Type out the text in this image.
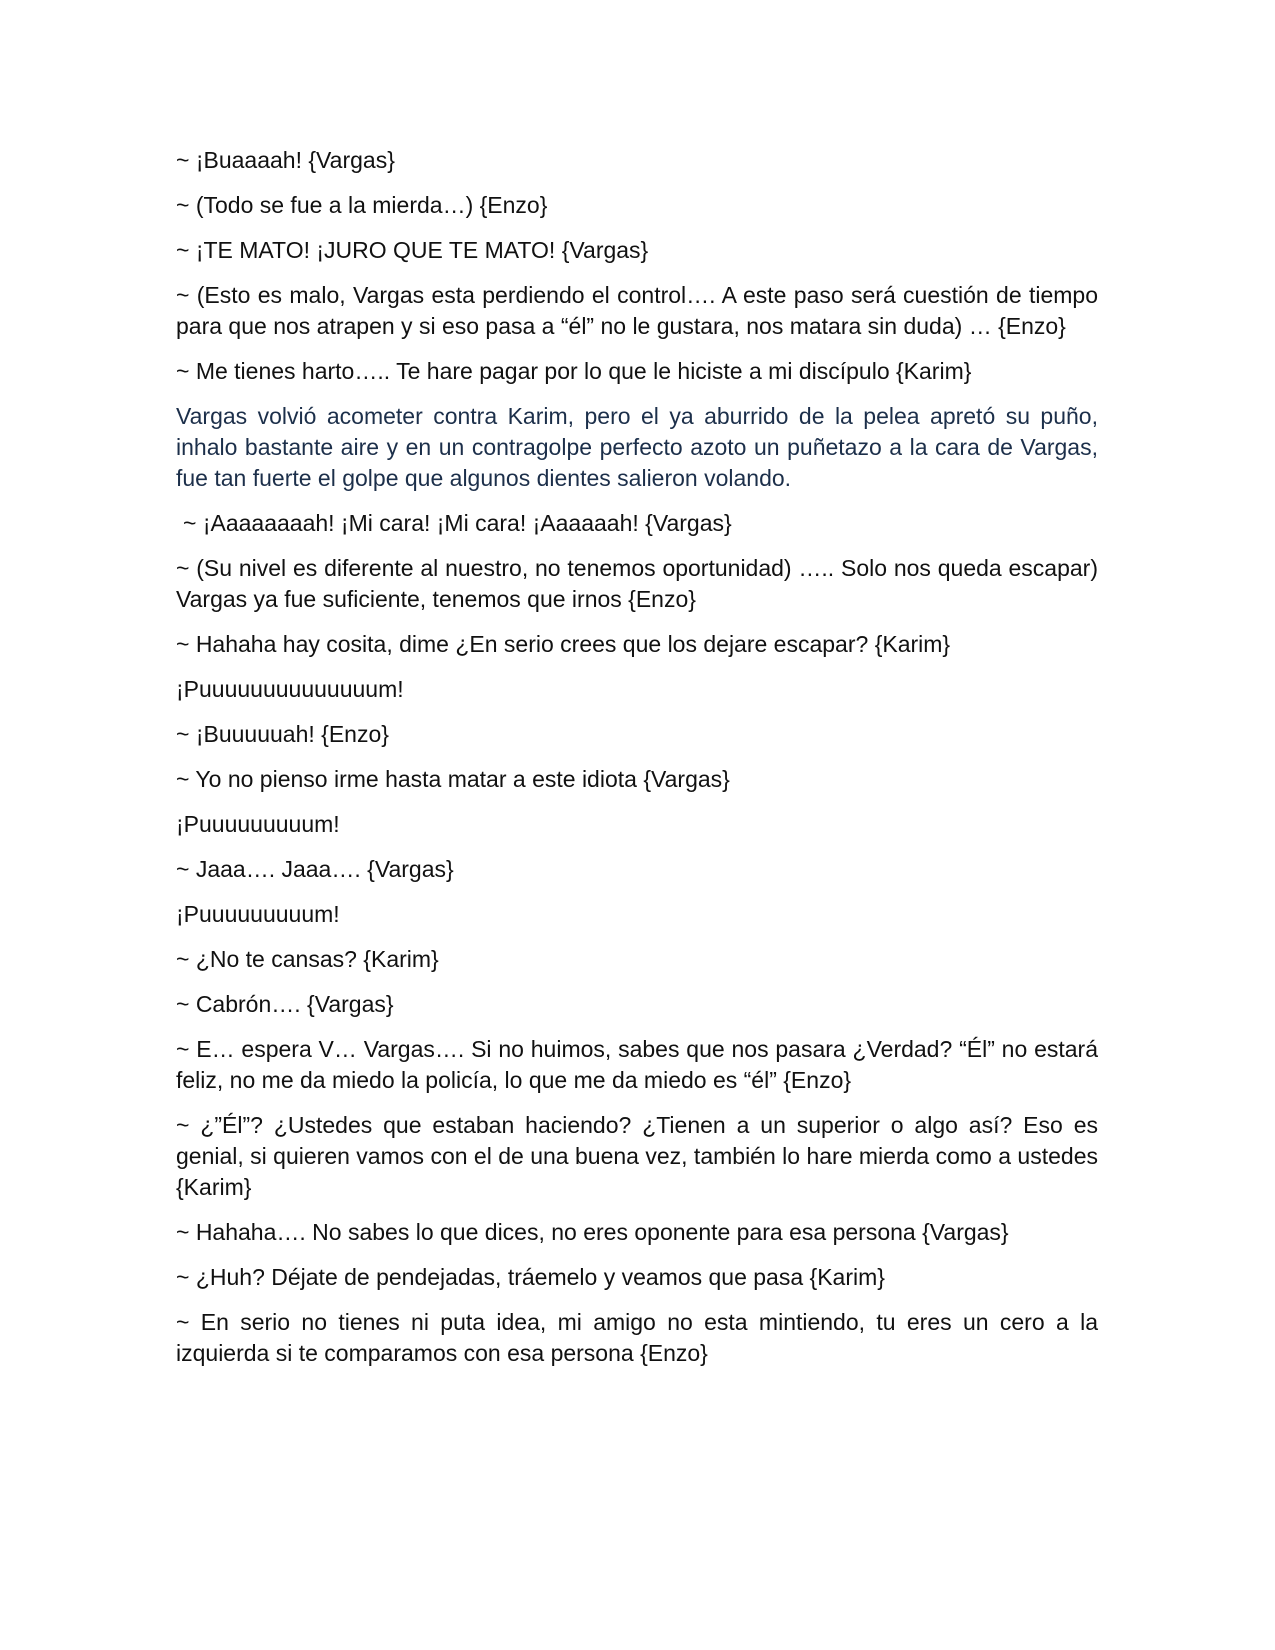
~ ¡Buaaaah! {Vargas}

~ (Todo se fue a la mierda…) {Enzo}

~ ¡TE MATO! ¡JURO QUE TE MATO! {Vargas}

~ (Esto es malo, Vargas esta perdiendo el control…. A este paso será cuestión de tiempo para que nos atrapen y si eso pasa a “él” no le gustara, nos matara sin duda) … {Enzo}

~ Me tienes harto….. Te hare pagar por lo que le hiciste a mi discípulo {Karim}

Vargas volvió acometer contra Karim, pero el ya aburrido de la pelea apretó su puño, inhalo bastante aire y en un contragolpe perfecto azoto un puñetazo a la cara de Vargas, fue tan fuerte el golpe que algunos dientes salieron volando.

~ ¡Aaaaaaaah! ¡Mi cara! ¡Mi cara! ¡Aaaaaah! {Vargas}

~ (Su nivel es diferente al nuestro, no tenemos oportunidad) ….. Solo nos queda escapar) Vargas ya fue suficiente, tenemos que irnos {Enzo}

~ Hahaha hay cosita, dime ¿En serio crees que los dejare escapar? {Karim}

¡Puuuuuuuuuuuuuum!

~ ¡Buuuuuah! {Enzo}

~ Yo no pienso irme hasta matar a este idiota {Vargas}

¡Puuuuuuuuum!

~ Jaaa…. Jaaa…. {Vargas}

¡Puuuuuuuuum!

~ ¿No te cansas? {Karim}

~ Cabrón…. {Vargas}

~ E… espera V… Vargas…. Si no huimos, sabes que nos pasara ¿Verdad? “Él” no estará feliz, no me da miedo la policía, lo que me da miedo es “él” {Enzo}

~ ¿”Él”? ¿Ustedes que estaban haciendo? ¿Tienen a un superior o algo así? Eso es genial, si quieren vamos con el de una buena vez, también lo hare mierda como a ustedes {Karim}

~ Hahaha…. No sabes lo que dices, no eres oponente para esa persona {Vargas}

~ ¿Huh? Déjate de pendejadas, tráemelo y veamos que pasa {Karim}

~ En serio no tienes ni puta idea, mi amigo no esta mintiendo, tu eres un cero a la izquierda si te comparamos con esa persona {Enzo}
